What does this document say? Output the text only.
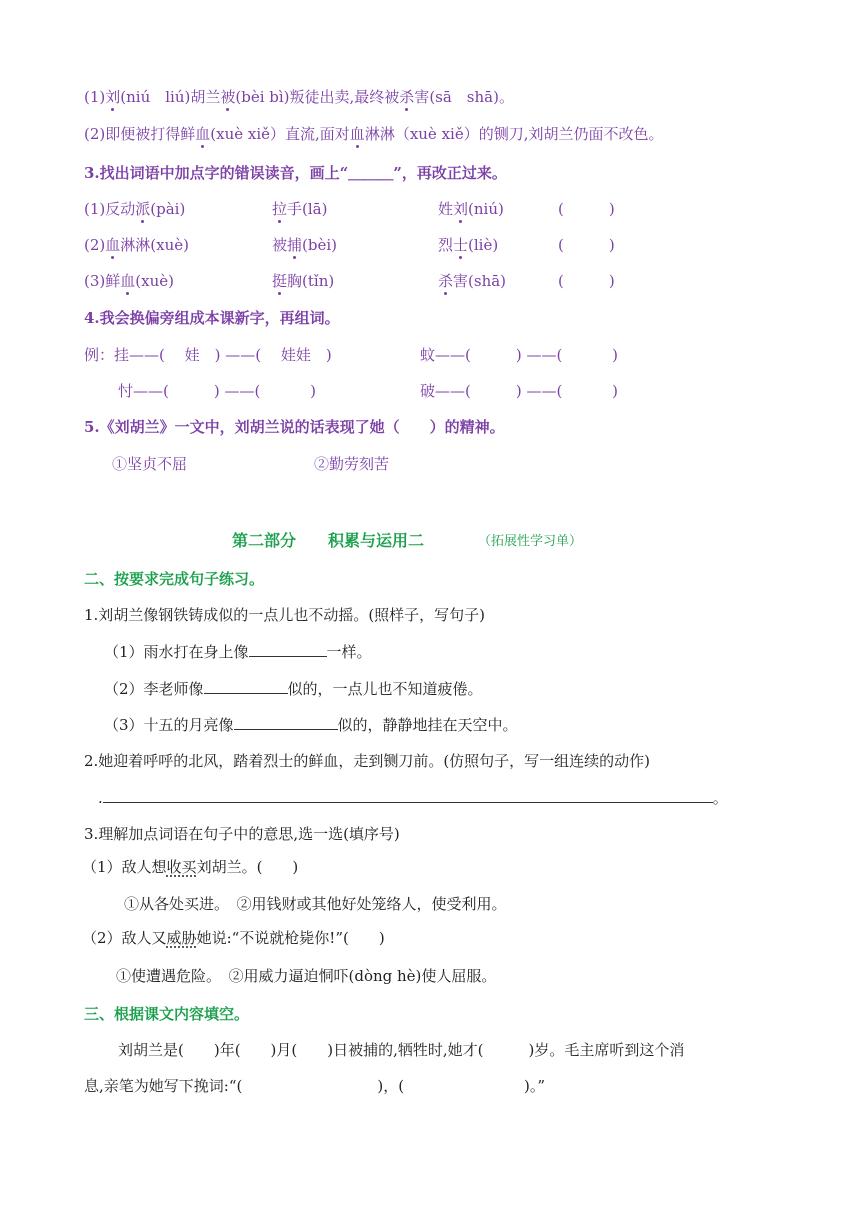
(1)刘(niú　liú)胡兰被(bèi bì)叛徒出卖,最终被杀害(sā　shā)。
(2)即便被打得鲜血(xuè xiě）直流,面对血淋淋（xuè xiě）的铡刀,刘胡兰仍面不改色。
3.找出词语中加点字的错误读音，画上“＿＿＿”，再改正过来。
(1)反动派(pài)	拉手(lā)	姓刘(niú)	(　　　)
(2)血淋淋(xuè)	被捕(bèi)	烈士(liè)	(　　　)
(3)鲜血(xuè)	挺胸(tǐn)	杀害(shā)	(　　　)
4.我会换偏旁组成本课新字，再组词。
例：挂——(　 娃　) ——(　 娃娃　)	蚊——(　　　) ——(　　　 )
忖——(　　　) ——(　　　 )	破——(　　　) ——(　　　 )
5.《刘胡兰》一文中，刘胡兰说的话表现了她（　　）的精神。
①坚贞不屈	②勤劳刻苦
第二部分　　积累与运用二	（拓展性学习单）
二、按要求完成句子练习。
1.刘胡兰像钢铁铸成似的一点儿也不动摇。(照样子，写句子)
（1）雨水打在身上像	一样。
（2）李老师像	似的，一点儿也不知道疲倦。
（3）十五的月亮像	似的，静静地挂在天空中。
2.她迎着呼呼的北风，踏着烈士的鲜血，走到铡刀前。(仿照句子，写一组连续的动作)
.	。
3.理解加点词语在句子中的意思,选一选(填序号)
（1）敌人想收买刘胡兰。(　　)
①从各处买进。　②用钱财或其他好处笼络人，使受利用。
（2）敌人又威胁她说:“不说就枪毙你!”(　　)
①使遭遇危险。　②用威力逼迫恫吓(dòng hè)使人屈服。
三、根据课文内容填空。
刘胡兰是(　　)年(　　)月(　　)日被捕的,牺牲时,她才(　　　)岁。毛主席听到这个消
息,亲笔为她写下挽词:“(　　　　　　　　　)，(　　　　　　　　)。”
